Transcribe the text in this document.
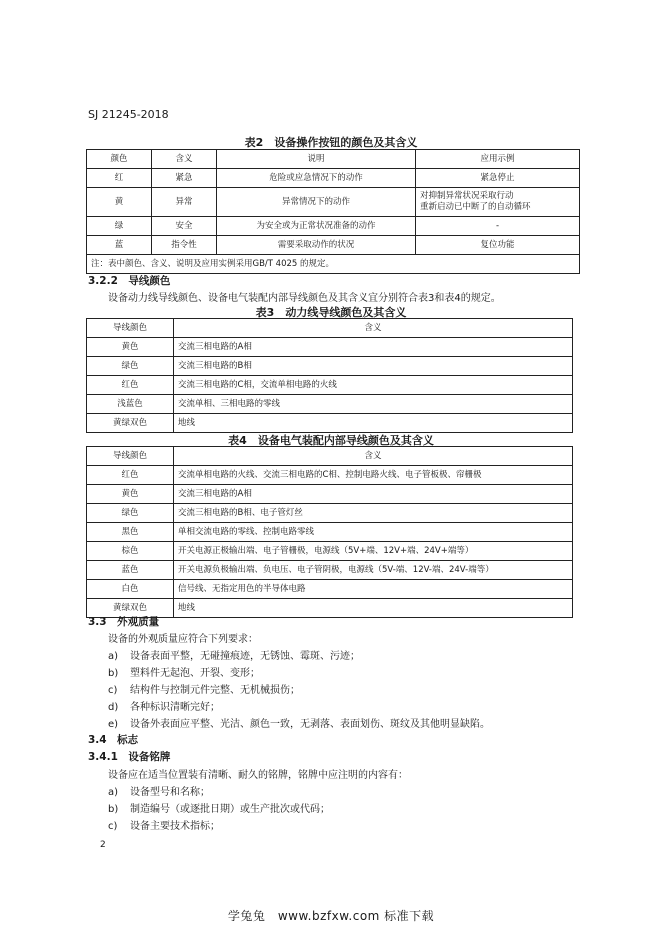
SJ 21245-2018
表2　设备操作按钮的颜色及其含义
颜色	含义	说明	应用示例
红	紧急	危险或应急情况下的动作	紧急停止
黄	异常	异常情况下的动作	对抑制异常状况采取行动
重新启动已中断了的自动循环

绿	安全	为安全或为正常状况准备的动作	-
蓝	指令性	需要采取动作的状况	复位功能
注：表中颜色、含义、说明及应用实例采用GB/T 4025 的规定。			
3.2.2　导线颜色
设备动力线导线颜色、设备电气装配内部导线颜色及其含义宜分别符合表3和表4的规定。
表3　动力线导线颜色及其含义
导线颜色	含义
黄色	交流三相电路的A相
绿色	交流三相电路的B相
红色	交流三相电路的C相，交流单相电路的火线
浅蓝色	交流单相、三相电路的零线
黄绿双色	地线
表4　设备电气装配内部导线颜色及其含义
导线颜色	含义
红色	交流单相电路的火线、交流三相电路的C相、控制电路火线、电子管板极、帘栅极
黄色	交流三相电路的A相
绿色	交流三相电路的B相、电子管灯丝
黑色	单相交流电路的零线、控制电路零线
棕色	开关电源正极输出端、电子管栅极，电源线（5V+端、12V+端、24V+端等）
蓝色	开关电源负极输出端、负电压、电子管阴极，电源线（5V-端、12V-端、24V-端等）
白色	信号线、无指定用色的半导体电路
黄绿双色	地线
3.3　外观质量
设备的外观质量应符合下列要求：
a) 设备表面平整，无碰撞痕迹，无锈蚀、霉斑、污迹；
b) 塑料件无起泡、开裂、变形；
c) 结构件与控制元件完整、无机械损伤；
d) 各种标识清晰完好；
e) 设备外表面应平整、光洁、颜色一致，无剥落、表面划伤、斑纹及其他明显缺陷。
3.4　标志
3.4.1　设备铭牌
设备应在适当位置装有清晰、耐久的铭牌，铭牌中应注明的内容有：
a) 设备型号和名称；
b) 制造编号（或逐批日期）或生产批次或代码；
c) 设备主要技术指标；
2
学兔兔　www.bzfxw.com 标准下载
